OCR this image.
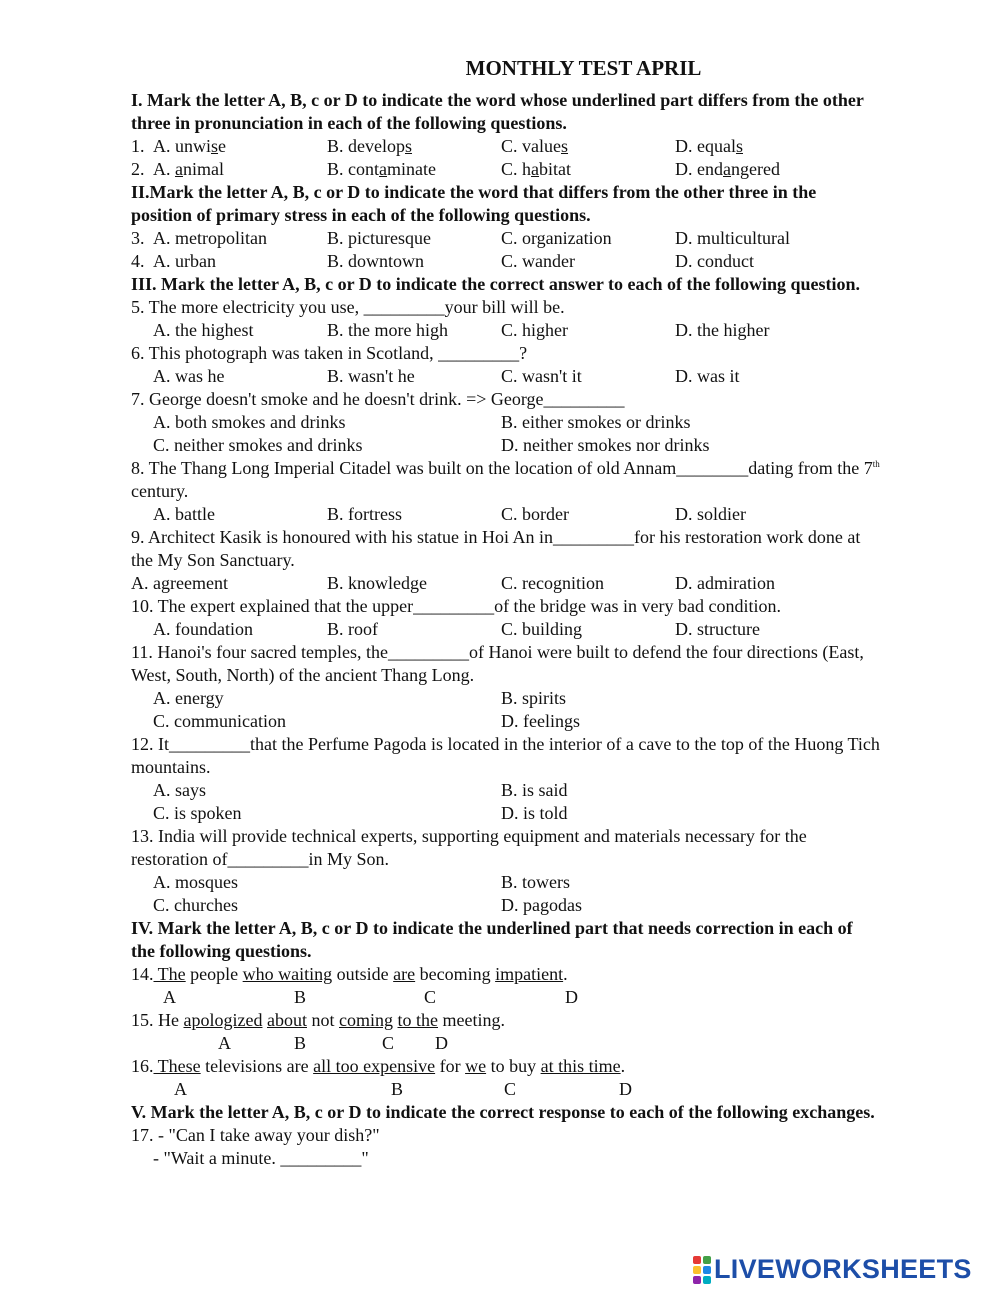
MONTHLY TEST APRIL
I. Mark the letter A, B, c or D to indicate the word whose underlined part differs from the other three in pronunciation in each of the following questions.
1. A. unwise	B. develops	C. values	D. equals
2. A. animal	B. contaminate	C. habitat	D. endangered
II.Mark the letter A, B, c or D to indicate the word that differs from the other three in the position of primary stress in each of the following questions.
3. A. metropolitan	B. picturesque	C. organization	D. multicultural
4. A. urban	B. downtown	C. wander	D. conduct
III. Mark the letter A, B, c or D to indicate the correct answer to each of the following question.
5. The more electricity you use, _________your bill will be.
A. the highest	B. the more high	C. higher	D. the higher
6. This photograph was taken in Scotland, _________?
A. was he	B. wasn't he	C. wasn't it	D. was it
7. George doesn't smoke and he doesn't drink. => George_________
A. both smokes and drinks	B. either smokes or drinks
C. neither smokes and drinks	D. neither smokes nor drinks
8. The Thang Long Imperial Citadel was built on the location of old Annam________dating from the 7th century.
A. battle	B. fortress	C. border	D. soldier
9. Architect Kasik is honoured with his statue in Hoi An in_________for his restoration work done at the My Son Sanctuary.
A. agreement	B. knowledge	C. recognition	D. admiration
10. The expert explained that the upper_________of the bridge was in very bad condition.
A. foundation	B. roof	C. building	D. structure
11. Hanoi's four sacred temples, the_________of Hanoi were built to defend the four directions (East, West, South, North) of the ancient Thang Long.
A. energy	B. spirits
C. communication	D. feelings
12. It_________that the Perfume Pagoda is located in the interior of a cave to the top of the Huong Tich mountains.
A. says	B. is said
C. is spoken	D. is told
13. India will provide technical experts, supporting equipment and materials necessary for the restoration of_________in My Son.
A. mosques	B. towers
C. churches	D. pagodas
IV. Mark the letter A, B, c or D to indicate the underlined part that needs correction in each of the following questions.
14. The people who waiting outside are becoming impatient.
A	B	C	D
15. He apologized about not coming to the meeting.
A	B	C D
16. These televisions are all too expensive for we to buy at this time.
A	B	C	D
V. Mark the letter A, B, c or D to indicate the correct response to each of the following exchanges.
17. - "Can I take away your dish?"
- "Wait a minute. _________"
LIVEWORKSHEETS
